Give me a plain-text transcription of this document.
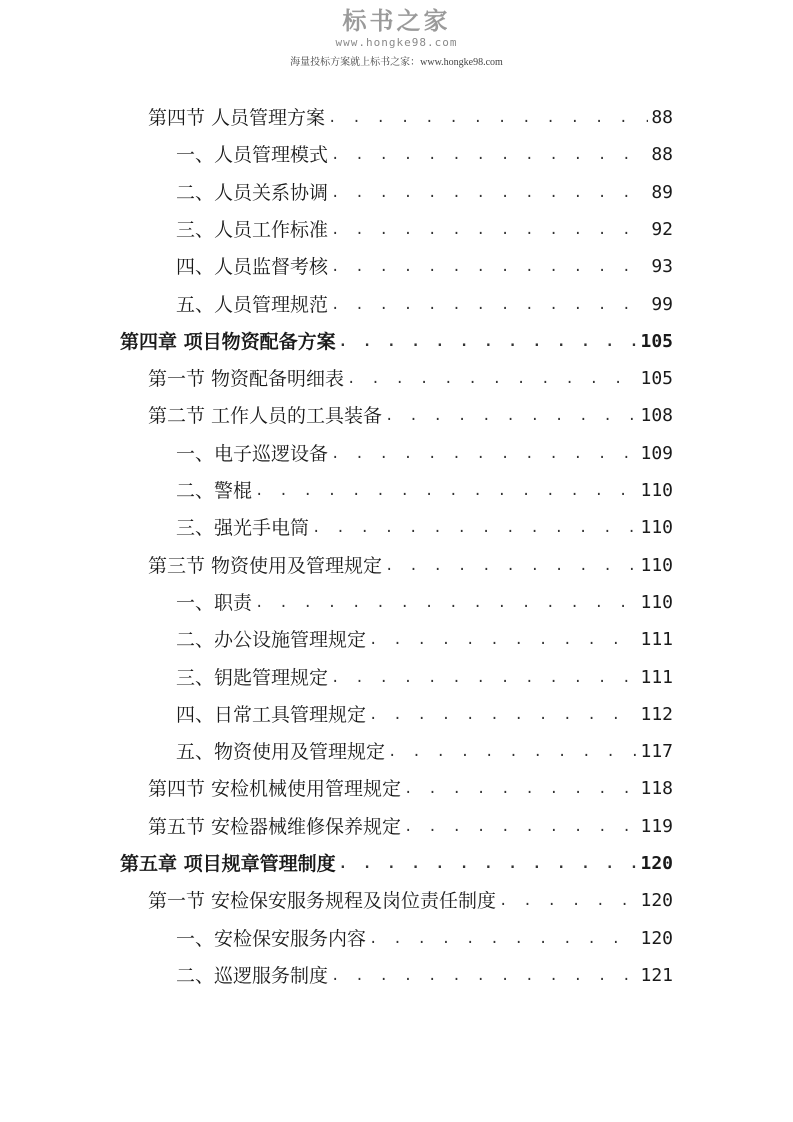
标书之家
www.hongke98.com
海量投标方案就上标书之家：www.hongke98.com
第四节 人员管理方案 . . .	88
一、人员管理模式 . . .	88
二、人员关系协调 . . .	89
三、人员工作标准 . . .	92
四、人员监督考核 . . .	93
五、人员管理规范 . . .	99
第四章 项目物资配备方案 . . .	105
第一节 物资配备明细表 . . .	105
第二节 工作人员的工具装备 . . .	108
一、电子巡逻设备 . . .	109
二、警棍 . . .	110
三、强光手电筒 . . .	110
第三节 物资使用及管理规定 . . .	110
一、职责 . . .	110
二、办公设施管理规定 . . .	111
三、钥匙管理规定 . . .	111
四、日常工具管理规定 . . .	112
五、物资使用及管理规定 . . .	117
第四节 安检机械使用管理规定 . . .	118
第五节 安检器械维修保养规定 . . .	119
第五章 项目规章管理制度 . . .	120
第一节 安检保安服务规程及岗位责任制度 . . .	120
一、安检保安服务内容 . . .	120
二、巡逻服务制度 . . .	121
